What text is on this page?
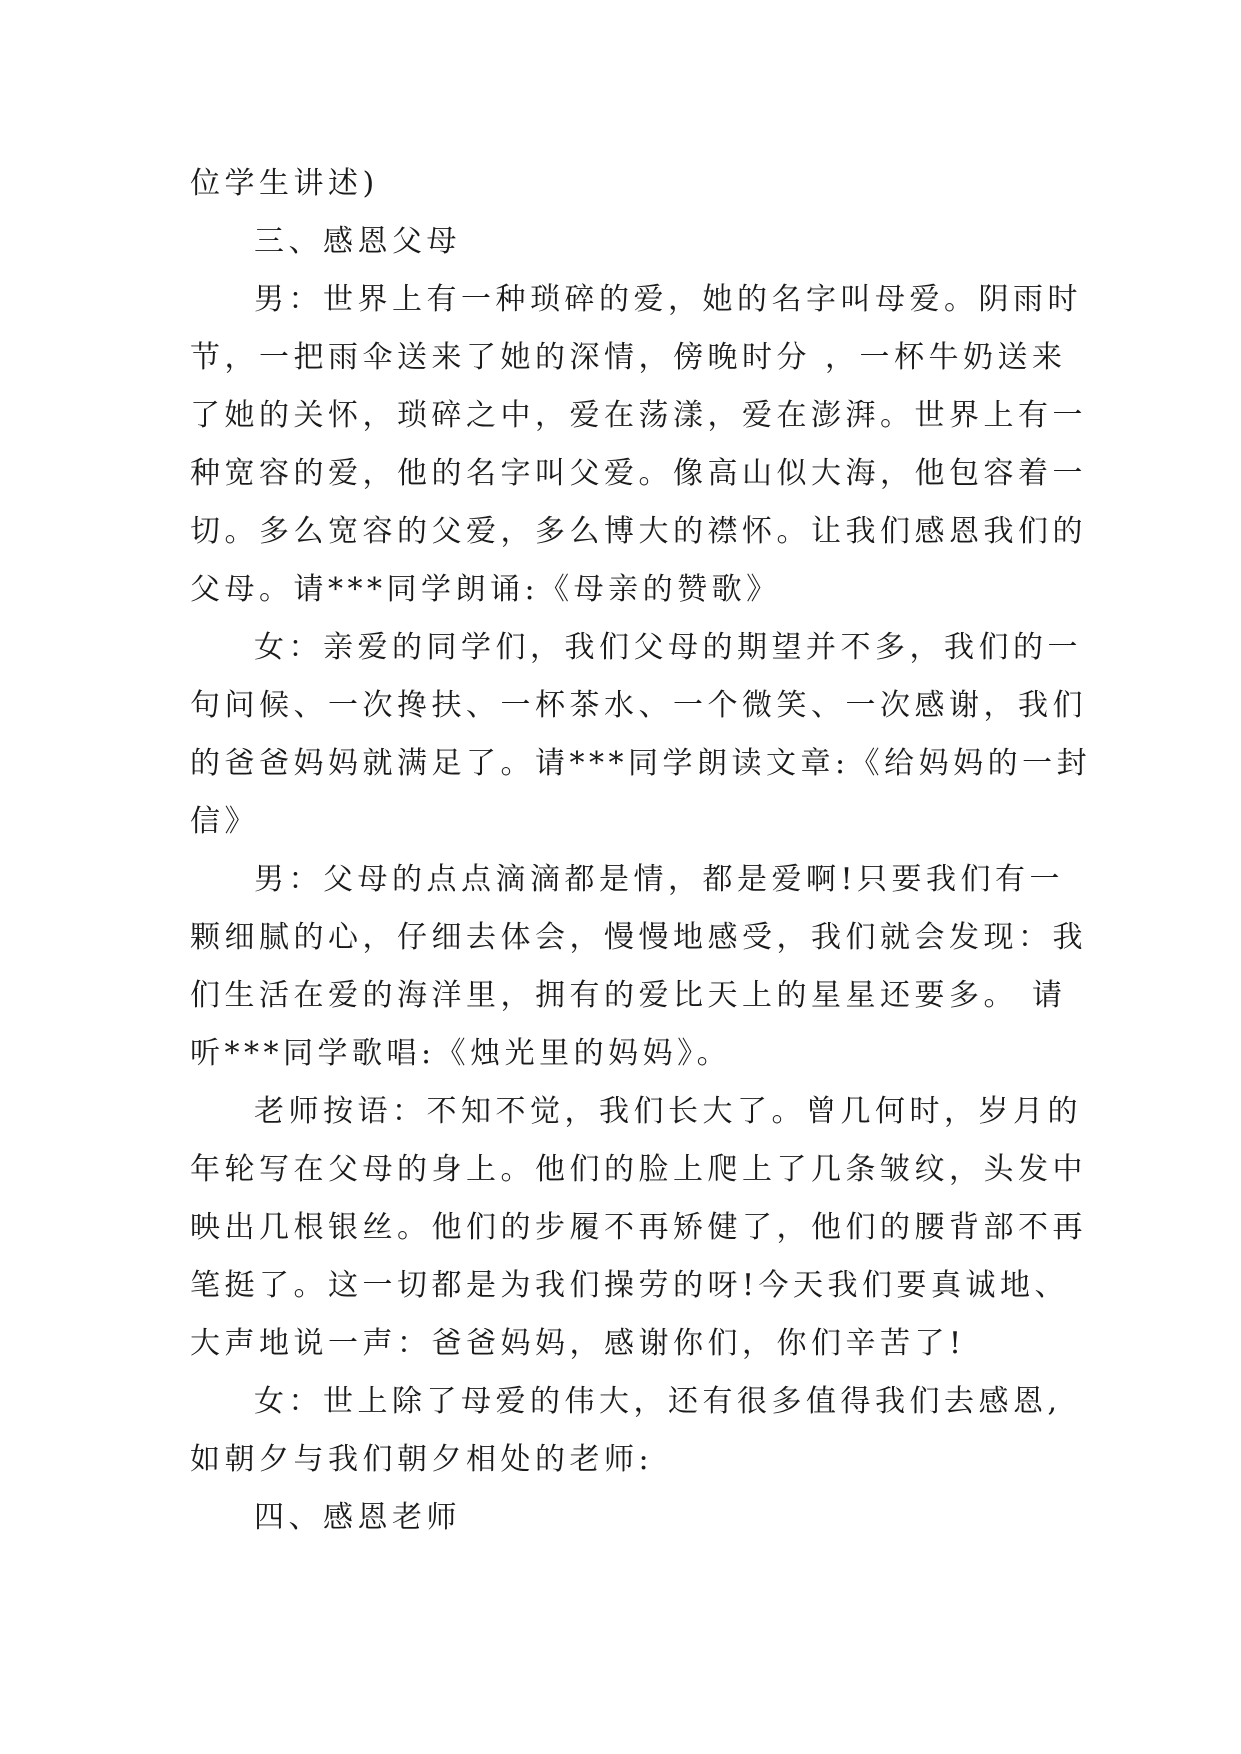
位学生讲述)
三、感恩父母
男：世界上有一种琐碎的爱，她的名字叫母爱。阴雨时
节，一把雨伞送来了她的深情，傍晚时分 ，一杯牛奶送来
了她的关怀，琐碎之中，爱在荡漾，爱在澎湃。世界上有一
种宽容的爱，他的名字叫父爱。像高山似大海，他包容着一
切。多么宽容的父爱，多么博大的襟怀。让我们感恩我们的
父母。请***同学朗诵:《母亲的赞歌》
女：亲爱的同学们，我们父母的期望并不多，我们的一
句问候、一次搀扶、一杯茶水、一个微笑、一次感谢，我们
的爸爸妈妈就满足了。请***同学朗读文章:《给妈妈的一封
信》
男：父母的点点滴滴都是情，都是爱啊!只要我们有一
颗细腻的心，仔细去体会，慢慢地感受，我们就会发现：我
们生活在爱的海洋里，拥有的爱比天上的星星还要多。 请
听***同学歌唱:《烛光里的妈妈》。
老师按语：不知不觉，我们长大了。曾几何时，岁月的
年轮写在父母的身上。他们的脸上爬上了几条皱纹，头发中
映出几根银丝。他们的步履不再矫健了，他们的腰背部不再
笔挺了。这一切都是为我们操劳的呀!今天我们要真诚地、
大声地说一声：爸爸妈妈，感谢你们，你们辛苦了!
女：世上除了母爱的伟大，还有很多值得我们去感恩,
如朝夕与我们朝夕相处的老师:
四、感恩老师
